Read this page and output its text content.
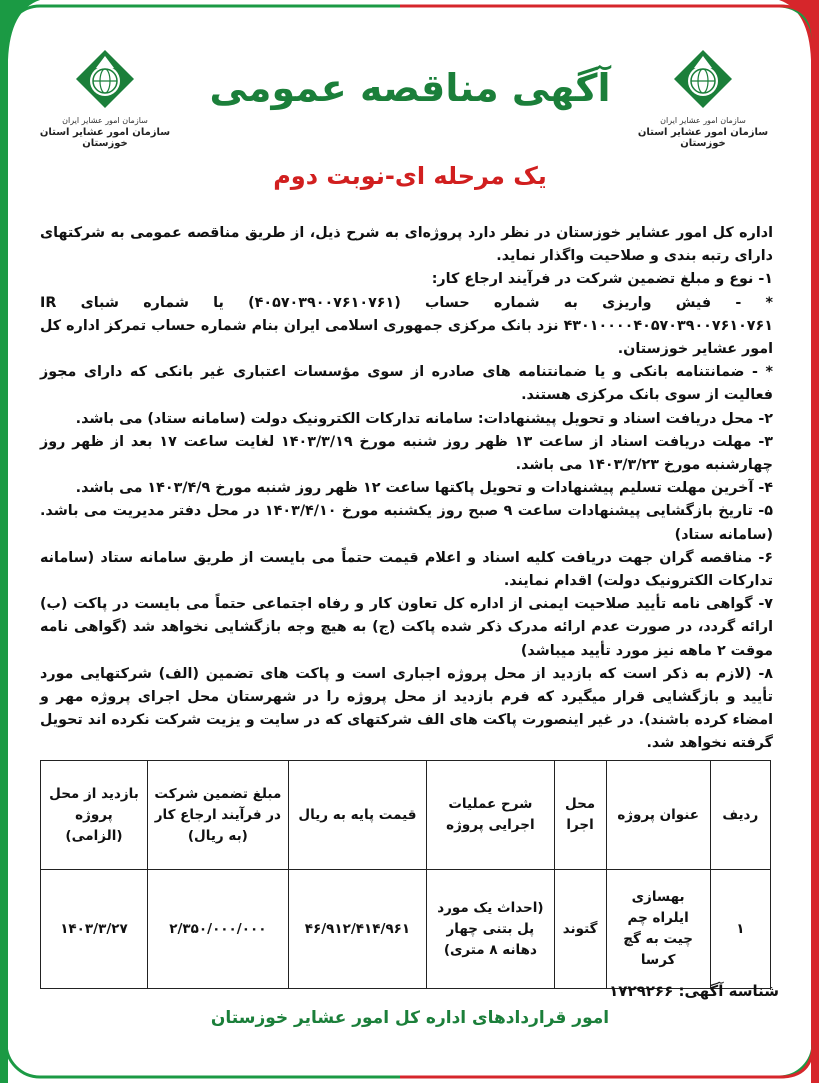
سازمان امور عشایر ایران
سازمان امور عشایر استان خوزستان
سازمان امور عشایر ایران
سازمان امور عشایر استان خوزستان
آگهی مناقصه عمومی
یک مرحله ای-نوبت دوم

اداره کل امور عشایر خوزستان در نظر دارد پروژه‌ای به شرح ذیل، از طریق مناقصه عمومی به شرکتهای دارای رتبه بندی و صلاحیت واگذار نماید.

۱- نوع و مبلغ تضمین شرکت در فرآیند ارجاع کار:

* - فیش واریزی به شماره حساب (۴۰۵۷۰۳۹۰۰۷۶۱۰۷۶۱) یا شماره شبای IR ۴۳۰۱۰۰۰۰۴۰۵۷۰۳۹۰۰۷۶۱۰۷۶۱ نزد بانک مرکزی جمهوری اسلامی ایران بنام شماره حساب تمرکز اداره کل امور عشایر خوزستان.

* - ضمانتنامه بانکی و یا ضمانتنامه های صادره از سوی مؤسسات اعتباری غیر بانکی که دارای مجوز فعالیت از سوی بانک مرکزی هستند.

۲- محل دریافت اسناد و تحویل پیشنهادات: سامانه تدارکات الکترونیک دولت (سامانه ستاد) می باشد.

۳- مهلت دریافت اسناد از ساعت ۱۳ ظهر روز شنبه مورخ ۱۴۰۳/۳/۱۹ لغایت ساعت ۱۷ بعد از ظهر روز چهارشنبه مورخ ۱۴۰۳/۳/۲۳ می باشد.

۴- آخرین مهلت تسلیم پیشنهادات و تحویل پاکتها ساعت ۱۲ ظهر روز شنبه مورخ ۱۴۰۳/۴/۹ می باشد.

۵- تاریخ بازگشایی پیشنهادات ساعت ۹ صبح روز یکشنبه مورخ ۱۴۰۳/۴/۱۰ در محل دفتر مدیریت می باشد. (سامانه ستاد)

۶- مناقصه گران جهت دریافت کلیه اسناد و اعلام قیمت حتماً می بایست از طریق سامانه ستاد (سامانه تدارکات الکترونیک دولت) اقدام نمایند.

۷- گواهی نامه تأیید صلاحیت ایمنی از اداره کل تعاون کار و رفاه اجتماعی حتماً می بایست در پاکت (ب) ارائه گردد، در صورت عدم ارائه مدرک ذکر شده پاکت (ج) به هیچ وجه بازگشایی نخواهد شد (گواهی نامه موقت ۲ ماهه نیز مورد تأیید میباشد)

۸- (لازم به ذکر است که بازدید از محل پروژه اجباری است و پاکت های تضمین (الف) شرکتهایی مورد تأیید و بازگشایی قرار میگیرد که فرم بازدید از محل پروژه را در شهرستان محل اجرای پروژه مهر و امضاء کرده باشند). در غیر اینصورت پاکت های الف شرکتهای که در سایت و یزیت شرکت نکرده اند تحویل گرفته نخواهد شد.

ردیف	عنوان پروژه	محل اجرا	شرح عملیات اجرایی پروژه	قیمت پایه به ریال	مبلغ تضمین شرکت در فرآیند ارجاع کار (به ریال)	بازدید از محل پروژه (الزامی)
۱	بهسازی ایلراه چم چیت به گچ کرسا	گتوند	(احداث یک مورد پل بتنی چهار دهانه ۸ متری)	۴۶/۹۱۲/۴۱۴/۹۶۱	۲/۳۵۰/۰۰۰/۰۰۰	۱۴۰۳/۳/۲۷
شناسه آگهی: ۱۷۲۹۲۶۶
امور قراردادهای اداره کل امور عشایر خوزستان
